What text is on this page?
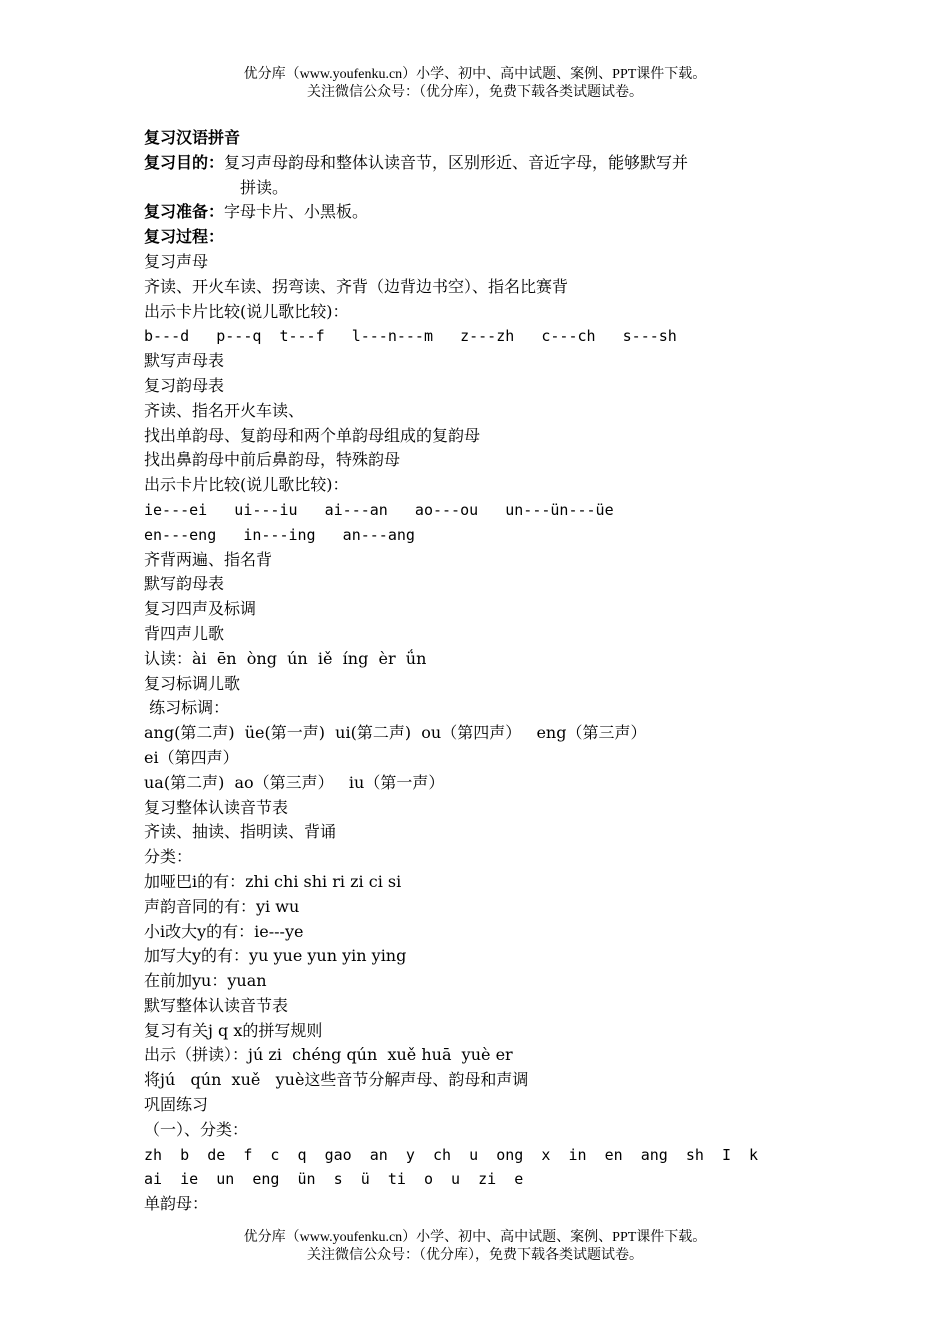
优分库（www.youfenku.cn）小学、初中、高中试题、案例、PPT课件下载。
关注微信公众号：（优分库），免费下载各类试题试卷。
复习汉语拼音
复习目的：复习声母韵母和整体认读音节，区别形近、音近字母，能够默写并
拼读。
复习准备：字母卡片、小黑板。
复习过程：
复习声母
齐读、开火车读、拐弯读、齐背（边背边书空）、指名比赛背
出示卡片比较(说儿歌比较)：
b---d   p---q  t---f   l---n---m   z---zh   c---ch   s---sh
默写声母表
复习韵母表
齐读、指名开火车读、
找出单韵母、复韵母和两个单韵母组成的复韵母
找出鼻韵母中前后鼻韵母，特殊韵母
出示卡片比较(说儿歌比较)：
ie---ei   ui---iu   ai---an   ao---ou   un---ün---üe
en---eng   in---ing   an---ang
齐背两遍、指名背
默写韵母表
复习四声及标调
背四声儿歌
认读：ài  ēn  òng  ún  iě  íng  èr  ǘn
复习标调儿歌
练习标调：
ang(第二声)  üe(第一声)  ui(第二声)  ou（第四声）   eng（第三声）
ei（第四声）
ua(第二声)  ao（第三声）   iu（第一声）
复习整体认读音节表
齐读、抽读、指明读、背诵
分类：
加哑巴i的有：zhi chi shi ri zi ci si
声韵音同的有：yi wu
小i改大y的有：ie---ye
加写大y的有：yu yue yun yin ying
在前加yu：yuan
默写整体认读音节表
复习有关j q x的拼写规则
出示（拼读）：jú zi  chéng qún  xuě huā  yuè er
将jú   qún  xuě   yuè这些音节分解声母、韵母和声调
巩固练习
（一）、分类：
zh  b  de  f  c  q  gao  an  y  ch  u  ong  x  in  en  ang  sh  I  k
ai  ie  un  eng  ün  s  ü  ti  o  u  zi  e
单韵母：
优分库（www.youfenku.cn）小学、初中、高中试题、案例、PPT课件下载。
关注微信公众号：（优分库），免费下载各类试题试卷。
